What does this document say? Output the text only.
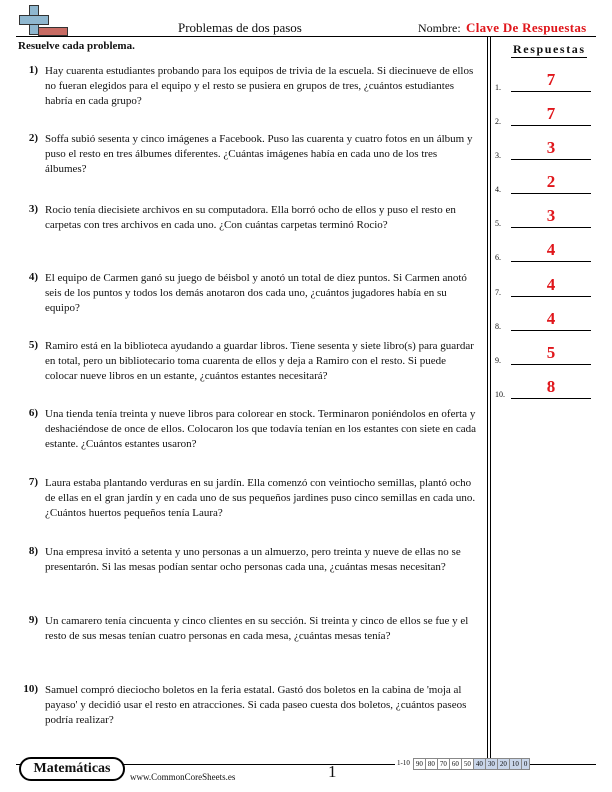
Problemas de dos pasos	Nombre: Clave De Respuestas
Resuelve cada problema.	Respuestas
1.	7
2.	7
3.	3
4.	2
5.	3
6.	4
7.	4
8.	4
9.	5
10.	8
1) Hay cuarenta estudiantes probando para los equipos de trivia de la escuela. Si diecinueve de ellos no fueran elegidos para el equipo y el resto se pusiera en grupos de tres, ¿cuántos estudiantes habría en cada grupo?
2) Soffa subió sesenta y cinco imágenes a Facebook. Puso las cuarenta y cuatro fotos en un álbum y puso el resto en tres álbumes diferentes. ¿Cuántas imágenes había en cada uno de los tres álbumes?
3) Rocio tenía diecisiete archivos en su computadora. Ella borró ocho de ellos y puso el resto en carpetas con tres archivos en cada uno. ¿Con cuántas carpetas terminó Rocio?
4) El equipo de Carmen ganó su juego de béisbol y anotó un total de diez puntos. Si Carmen anotó seis de los puntos y todos los demás anotaron dos cada uno, ¿cuántos jugadores había en su equipo?
5) Ramiro está en la biblioteca ayudando a guardar libros. Tiene sesenta y siete libro(s) para guardar en total, pero un bibliotecario toma cuarenta de ellos y deja a Ramiro con el resto. Si puede colocar nueve libros en un estante, ¿cuántos estantes necesitará?
6) Una tienda tenía treinta y nueve libros para colorear en stock. Terminaron poniéndolos en oferta y deshaciéndose de once de ellos. Colocaron los que todavía tenían en los estantes con siete en cada estante. ¿Cuántos estantes usaron?
7) Laura estaba plantando verduras en su jardín. Ella comenzó con veintiocho semillas, plantó ocho de ellas en el gran jardín y en cada uno de sus pequeños jardines puso cinco semillas en cada uno. ¿Cuántos huertos pequeños tenía Laura?
8) Una empresa invitó a setenta y uno personas a un almuerzo, pero treinta y nueve de ellas no se presentarón. Si las mesas podían sentar ocho personas cada una, ¿cuántas mesas necesitan?
9) Un camarero tenía cincuenta y cinco clientes en su sección. Si treinta y cinco de ellos se fue y el resto de sus mesas tenían cuatro personas en cada mesa, ¿cuántas mesas tenía?
10) Samuel compró dieciocho boletos en la feria estatal. Gastó dos boletos en la cabina de 'moja al payaso' y decidió usar el resto en atracciones. Si cada paseo cuesta dos boletos, ¿cuántos paseos podría realizar?
Matemáticas
www.CommonCoreSheets.es	1	1-10 90 80 70 60 50 40 30 20 10 0
